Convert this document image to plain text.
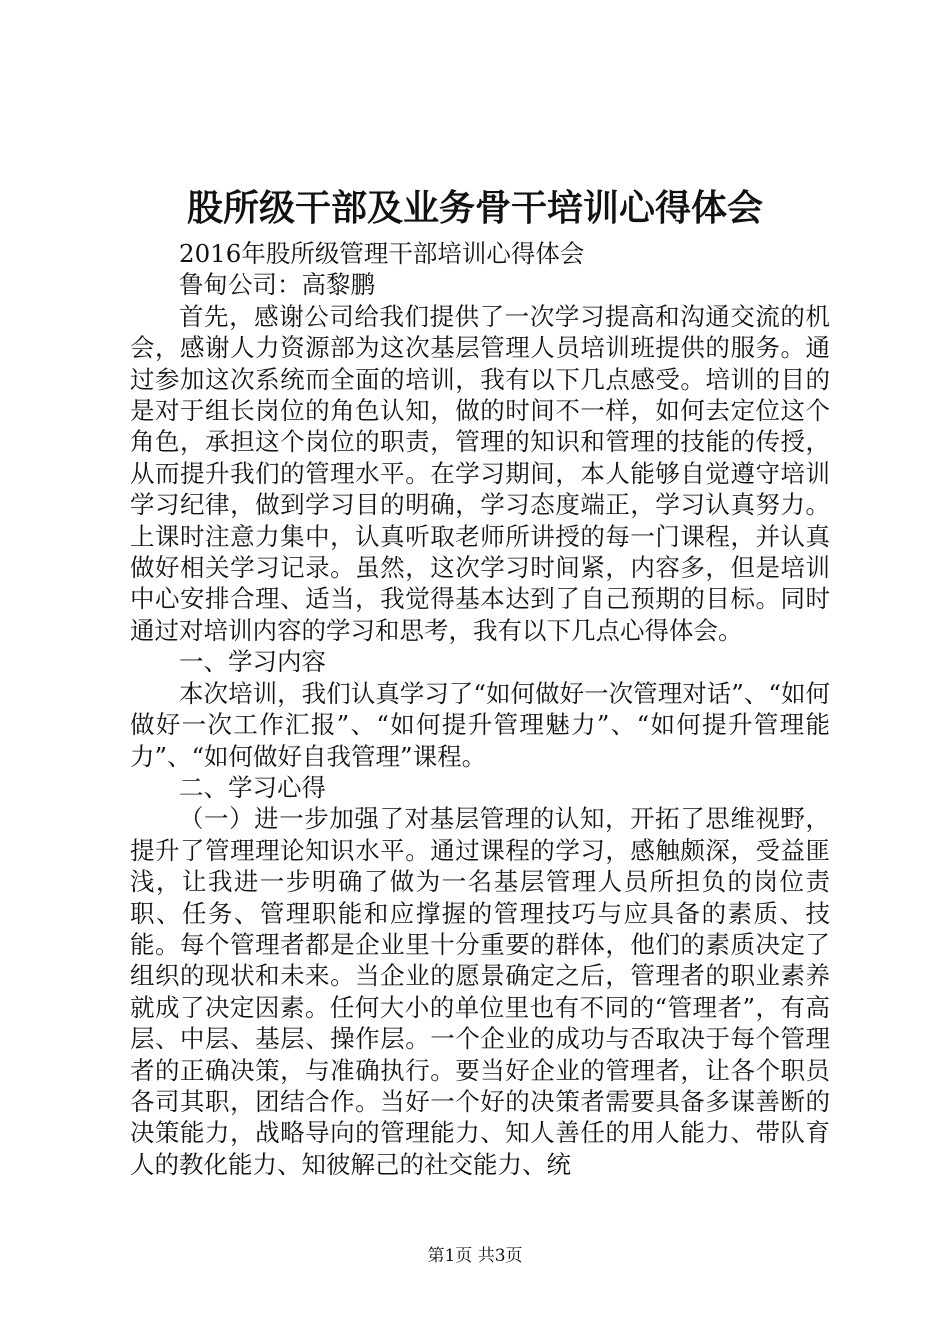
股所级干部及业务骨干培训心得体会

2016年股所级管理干部培训心得体会

鲁甸公司：高黎鹏

首先，感谢公司给我们提供了一次学习提高和沟通交流的机会，感谢人力资源部为这次基层管理人员培训班提供的服务。通过参加这次系统而全面的培训，我有以下几点感受。培训的目的是对于组长岗位的角色认知，做的时间不一样，如何去定位这个角色，承担这个岗位的职责，管理的知识和管理的技能的传授，从而提升我们的管理水平。在学习期间，本人能够自觉遵守培训学习纪律，做到学习目的明确，学习态度端正，学习认真努力。上课时注意力集中，认真听取老师所讲授的每一门课程，并认真做好相关学习记录。虽然，这次学习时间紧，内容多，但是培训中心安排合理、适当，我觉得基本达到了自己预期的目标。同时通过对培训内容的学习和思考，我有以下几点心得体会。

一、学习内容

本次培训，我们认真学习了“如何做好一次管理对话”、“如何做好一次工作汇报”、“如何提升管理魅力”、“如何提升管理能力”、“如何做好自我管理”课程。

二、学习心得

（一）进一步加强了对基层管理的认知，开拓了思维视野，提升了管理理论知识水平。通过课程的学习，感触颇深，受益匪浅，让我进一步明确了做为一名基层管理人员所担负的岗位责职、任务、管理职能和应撑握的管理技巧与应具备的素质、技能。每个管理者都是企业里十分重要的群体，他们的素质决定了组织的现状和未来。当企业的愿景确定之后，管理者的职业素养就成了决定因素。任何大小的单位里也有不同的“管理者”，有高层、中层、基层、操作层。一个企业的成功与否取决于每个管理者的正确决策，与准确执行。要当好企业的管理者，让各个职员各司其职，团结合作。当好一个好的决策者需要具备多谋善断的决策能力，战略导向的管理能力、知人善任的用人能力、带队育人的教化能力、知彼解己的社交能力、统

第1页 共3页
